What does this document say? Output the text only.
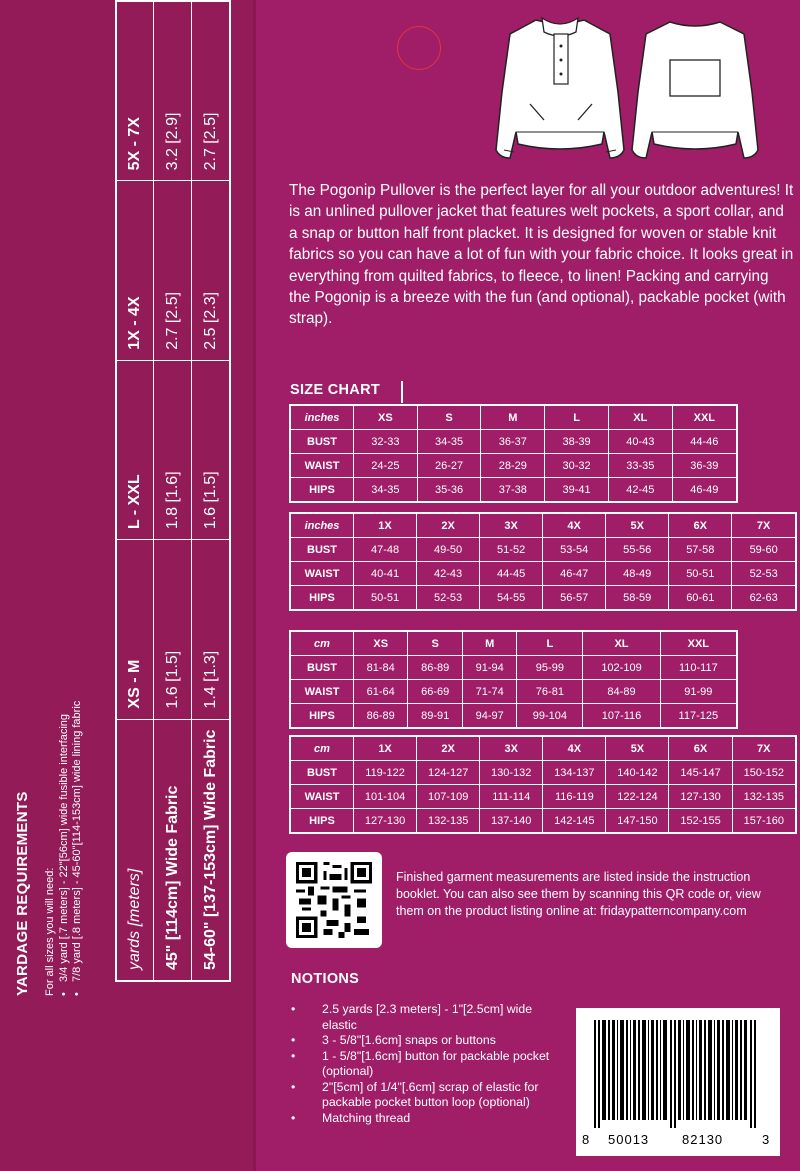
YARDAGE REQUIREMENTS For all sizes you will need: • 3/4 yard [.7 meters] - 22"[56cm] wide fusible interfacing • 7/8 yard [.8 meters] - 45-60"[114-153cm] wide lining fabric	yards [meters]	XS - M	L - XXL	1X - 4X	5X - 7X
45" [114cm] Wide Fabric	1.6 [1.5]	1.8 [1.6]	2.7 [2.5]	3.2 [2.9]
54-60" [137-153cm] Wide Fabric	1.4 [1.3]	1.6 [1.5]	2.5 [2.3]	2.7 [2.5]
The Pogonip Pullover is the perfect layer for all your outdoor adventures! It is an unlined pullover jacket that features welt pockets, a sport collar, and a snap or button half front placket. It is designed for woven or stable knit fabrics so you can have a lot of fun with your fabric choice. It looks great in everything from quilted fabrics, to fleece, to linen! Packing and carrying the Pogonip is a breeze with the fun (and optional), packable pocket (with strap).
SIZE CHART
inches	XS	S	M	L	XL	XXL
BUST	32-33	34-35	36-37	38-39	40-43	44-46
WAIST	24-25	26-27	28-29	30-32	33-35	36-39
HIPS	34-35	35-36	37-38	39-41	42-45	46-49
inches	1X	2X	3X	4X	5X	6X	7X
BUST	47-48	49-50	51-52	53-54	55-56	57-58	59-60
WAIST	40-41	42-43	44-45	46-47	48-49	50-51	52-53
HIPS	50-51	52-53	54-55	56-57	58-59	60-61	62-63
cm	XS	S	M	L	XL	XXL
BUST	81-84	86-89	91-94	95-99	102-109	110-117
WAIST	61-64	66-69	71-74	76-81	84-89	91-99
HIPS	86-89	89-91	94-97	99-104	107-116	117-125
cm	1X	2X	3X	4X	5X	6X	7X
BUST	119-122	124-127	130-132	134-137	140-142	145-147	150-152
WAIST	101-104	107-109	111-114	116-119	122-124	127-130	132-135
HIPS	127-130	132-135	137-140	142-145	147-150	152-155	157-160
Finished garment measurements are listed inside the instruction booklet. You can also see them by scanning this QR code or, view them on the product listing online at: fridaypatterncompany.com
NOTIONS
• 2.5 yards [2.3 meters] - 1"[2.5cm] wide elastic
• 3 - 5/8"[1.6cm] snaps or buttons
• 1 - 5/8"[1.6cm] button for packable pocket (optional)
• 2"[5cm] of 1/4"[.6cm] scrap of elastic for packable pocket button loop (optional)
• Matching thread
8 50013	82130	3
